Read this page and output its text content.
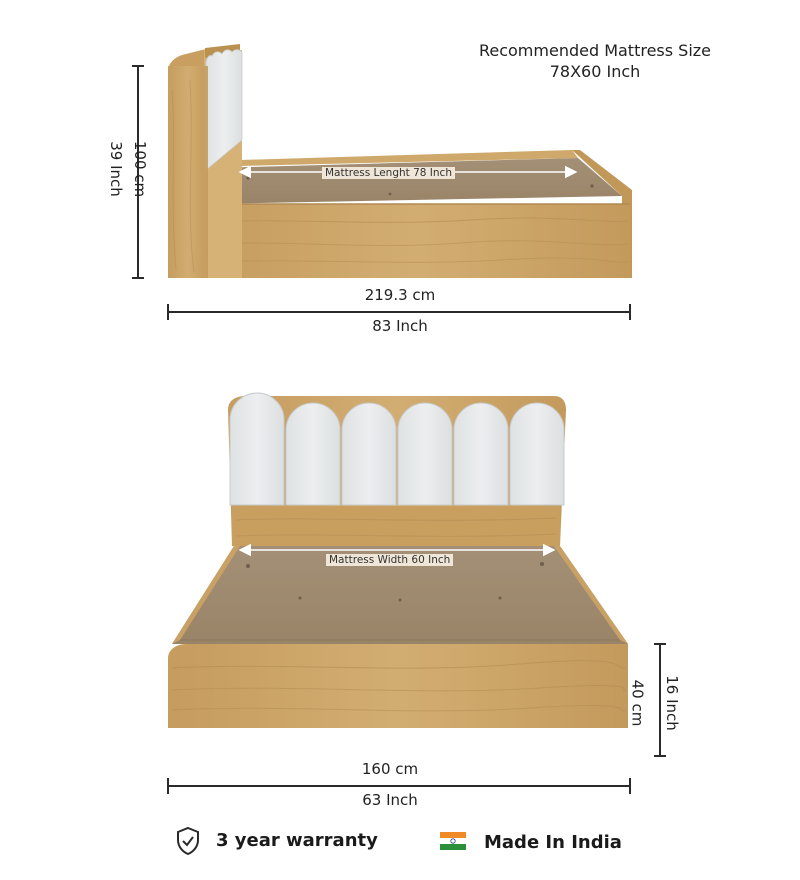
Recommended Mattress Size
78X60 Inch
100 cm
39 Inch	Mattress Lenght 78 Inch
219.3 cm
83 Inch
Mattress Width 60 Inch
40 cm 16 Inch
160 cm
63 Inch
3 year warranty	Made In India
